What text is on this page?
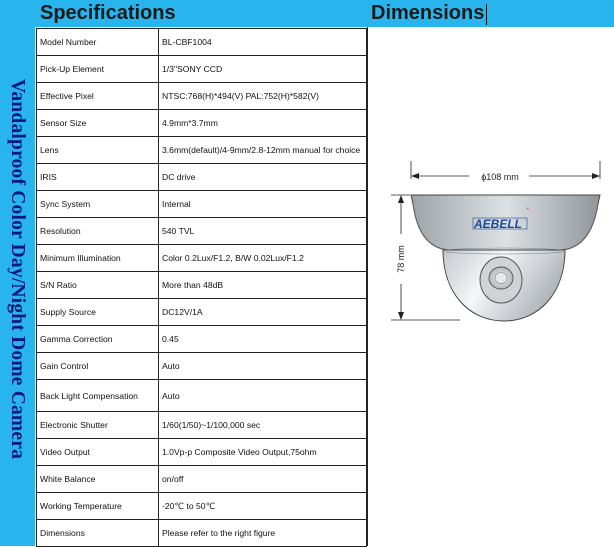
Specifications	Dimensions
Vandalproof Color Day/Night Dome Camera
Model Number	BL-CBF1004
Pick-Up Element	1/3"SONY CCD
Effective Pixel	NTSC:768(H)*494(V) PAL:752(H)*582(V)
Sensor Size	4.9mm*3.7mm
Lens	3.6mm(default)/4-9mm/2.8-12mm manual for choice
IRIS	DC drive
Sync System	Internal
Resolution	540 TVL
Minimum Illumination	Color 0.2Lux/F1.2, B/W 0.02Lux/F1.2
S/N Ratio	More than 48dB
Supply Source	DC12V/1A
Gamma Correction	0.45
Gain Control	Auto
Back Light Compensation	Auto
Electronic Shutter	1/60(1/50)~1/100,000 sec
Video Output	1.0Vp-p Composite Video Output,75ohm
White Balance	on/off
Working Temperature	-20℃ to 50℃
Dimensions	Please refer to the right figure
ϕ108 mm
78 mm
AEBELL
•
